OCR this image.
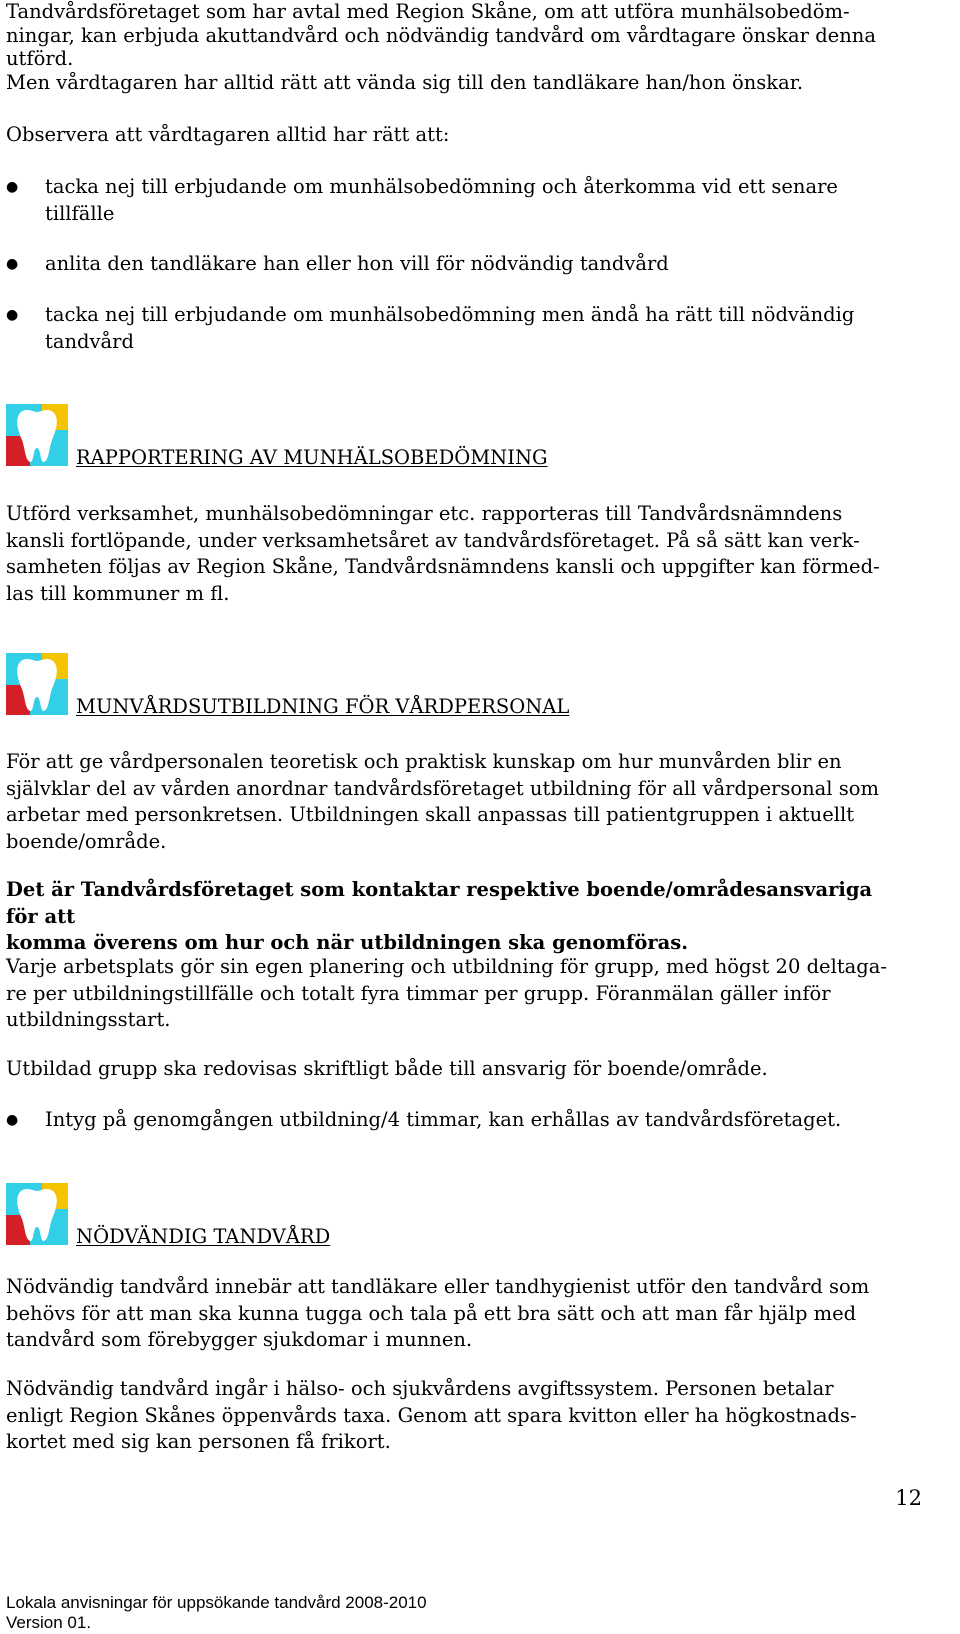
Tandvårdsföretaget som har avtal med Region Skåne, om att utföra munhälsobedöm-
ningar, kan erbjuda akuttandvård och nödvändig tandvård om vårdtagare önskar denna
utförd.
Men vårdtagaren har alltid rätt att vända sig till den tandläkare han/hon önskar.
Observera att vårdtagaren alltid har rätt att:
●	tacka nej till erbjudande om munhälsobedömning och återkomma vid ett senare
tillfälle
●	anlita den tandläkare han eller hon vill för nödvändig tandvård
●	tacka nej till erbjudande om munhälsobedömning men ändå ha rätt till nödvändig
tandvård
RAPPORTERING AV MUNHÄLSOBEDÖMNING
Utförd verksamhet, munhälsobedömningar etc. rapporteras till Tandvårdsnämndens
kansli fortlöpande, under verksamhetsåret av tandvårdsföretaget. På så sätt kan verk-
samheten följas av Region Skåne, Tandvårdsnämndens kansli och uppgifter kan förmed-
las till kommuner m fl.
MUNVÅRDSUTBILDNING FÖR VÅRDPERSONAL
För att ge vårdpersonalen teoretisk och praktisk kunskap om hur munvården blir en
självklar del av vården anordnar tandvårdsföretaget utbildning för all vårdpersonal som
arbetar med personkretsen. Utbildningen skall anpassas till patientgruppen i aktuellt
boende/område.
Det är Tandvårdsföretaget som kontaktar respektive boende/områdesansvariga för att
komma överens om hur och när utbildningen ska genomföras.
Varje arbetsplats gör sin egen planering och utbildning för grupp, med högst 20 deltaga-
re per utbildningstillfälle och totalt fyra timmar per grupp. Föranmälan gäller inför
utbildningsstart.
Utbildad grupp ska redovisas skriftligt både till ansvarig för boende/område.
●	Intyg på genomgången utbildning/4 timmar, kan erhållas av tandvårdsföretaget.
NÖDVÄNDIG TANDVÅRD
Nödvändig tandvård innebär att tandläkare eller tandhygienist utför den tandvård som
behövs för att man ska kunna tugga och tala på ett bra sätt och att man får hjälp med
tandvård som förebygger sjukdomar i munnen.
Nödvändig tandvård ingår i hälso- och sjukvårdens avgiftssystem. Personen betalar
enligt Region Skånes öppenvårds taxa. Genom att spara kvitton eller ha högkostnads-
kortet med sig kan personen få frikort.
12
Lokala anvisningar för uppsökande tandvård 2008-2010
Version 01.
